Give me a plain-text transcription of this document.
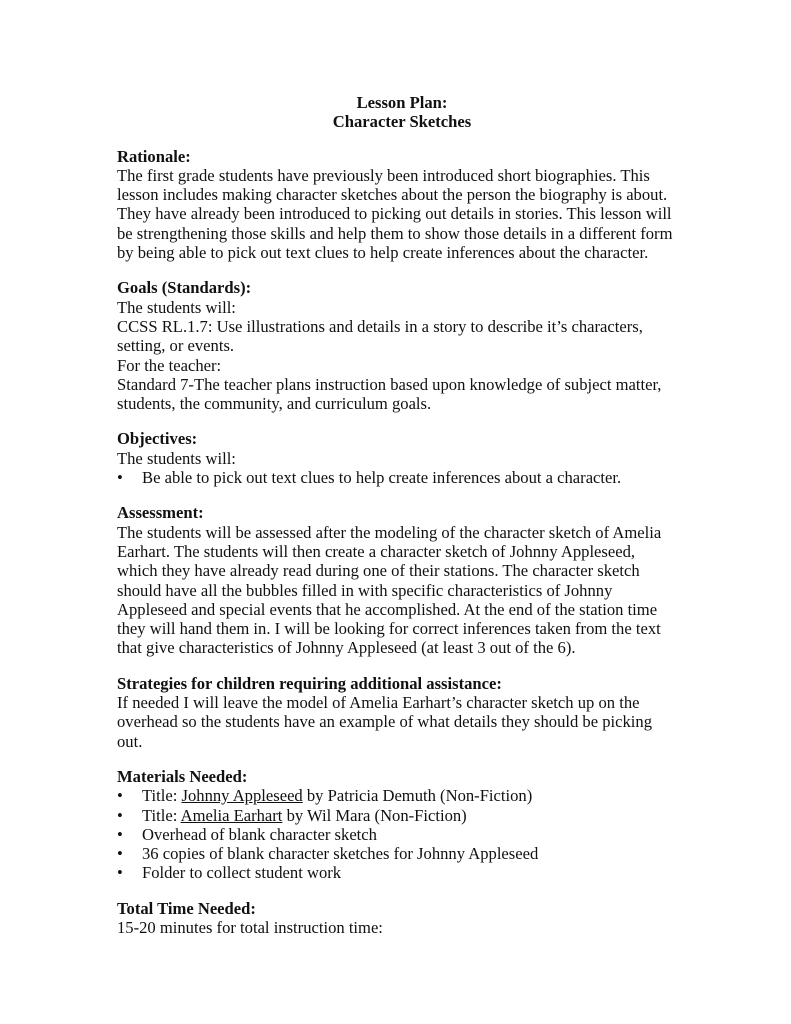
Lesson Plan:
Character Sketches
Rationale:
The first grade students have previously been introduced short biographies. This
lesson includes making character sketches about the person the biography is about.
They have already been introduced to picking out details in stories. This lesson will
be strengthening those skills and help them to show those details in a different form
by being able to pick out text clues to help create inferences about the character.
Goals (Standards):
The students will:
CCSS RL.1.7: Use illustrations and details in a story to describe it’s characters,
setting, or events.
For the teacher:
Standard 7-The teacher plans instruction based upon knowledge of subject matter,
students, the community, and curriculum goals.
Objectives:
The students will:
• Be able to pick out text clues to help create inferences about a character.
Assessment:
The students will be assessed after the modeling of the character sketch of Amelia
Earhart. The students will then create a character sketch of Johnny Appleseed,
which they have already read during one of their stations. The character sketch
should have all the bubbles filled in with specific characteristics of Johnny
Appleseed and special events that he accomplished. At the end of the station time
they will hand them in. I will be looking for correct inferences taken from the text
that give characteristics of Johnny Appleseed (at least 3 out of the 6).
Strategies for children requiring additional assistance:
If needed I will leave the model of Amelia Earhart’s character sketch up on the
overhead so the students have an example of what details they should be picking
out.
Materials Needed:
• Title: Johnny Appleseed by Patricia Demuth (Non-Fiction)
• Title: Amelia Earhart by Wil Mara (Non-Fiction)
• Overhead of blank character sketch
• 36 copies of blank character sketches for Johnny Appleseed
• Folder to collect student work
Total Time Needed:
15-20 minutes for total instruction time:
